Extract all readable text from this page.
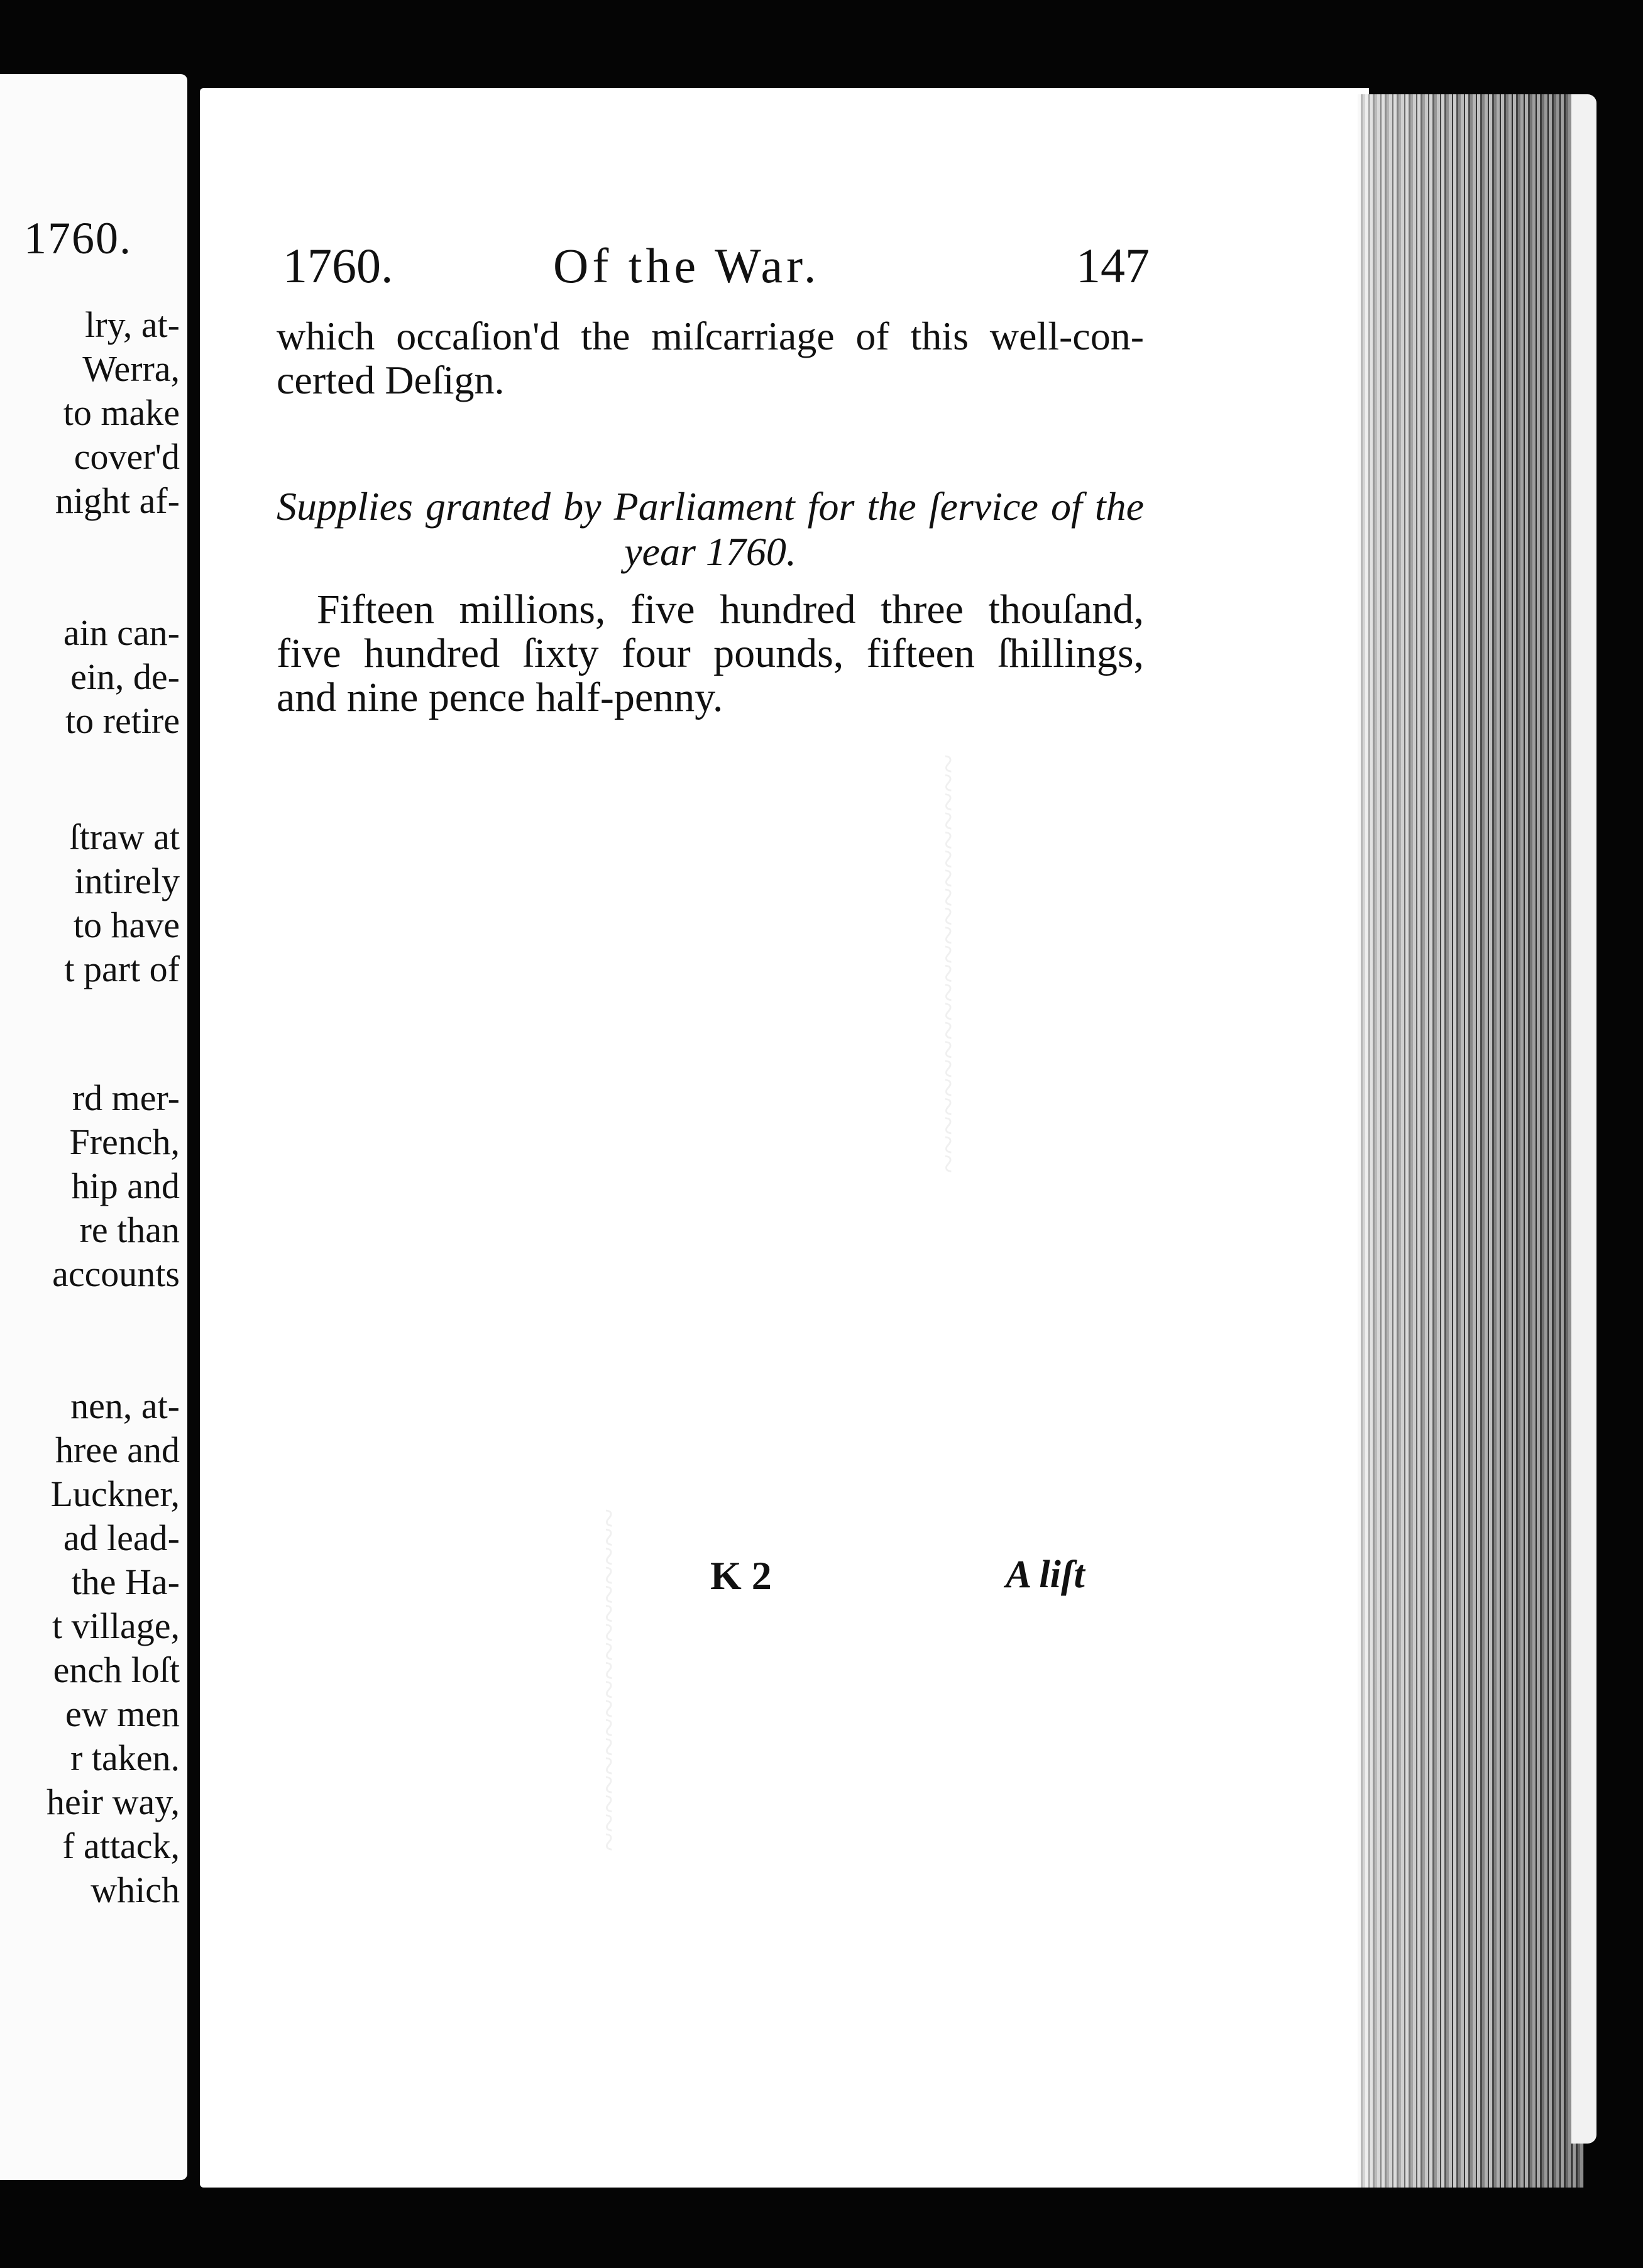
1760.
lry, at-
Werra,
to make
cover'd
night af-
ain can-
ein, de-
to retire
ſtraw at
intirely
to have
t part of
rd mer-
French,
hip and
re than
accounts
nen, at-
hree and
Luckner,
ad lead-
the Ha-
t village,
ench loſt
ew men
r taken.
heir way,
f attack,
which
~~~~~~~~~~~~~~~~~~~~~~
~~~~~~~~~~~~~~~~~~
1760.	Of the War.	147
which occaſion'd the miſcarriage of this well-con-
certed Deſign.
Supplies granted by Parliament for the ſervice of the
year 1760.
Fifteen millions, five hundred three thouſand,
five hundred ſixty four pounds, fifteen ſhillings,
and nine pence half-penny.
K 2	A liſt
